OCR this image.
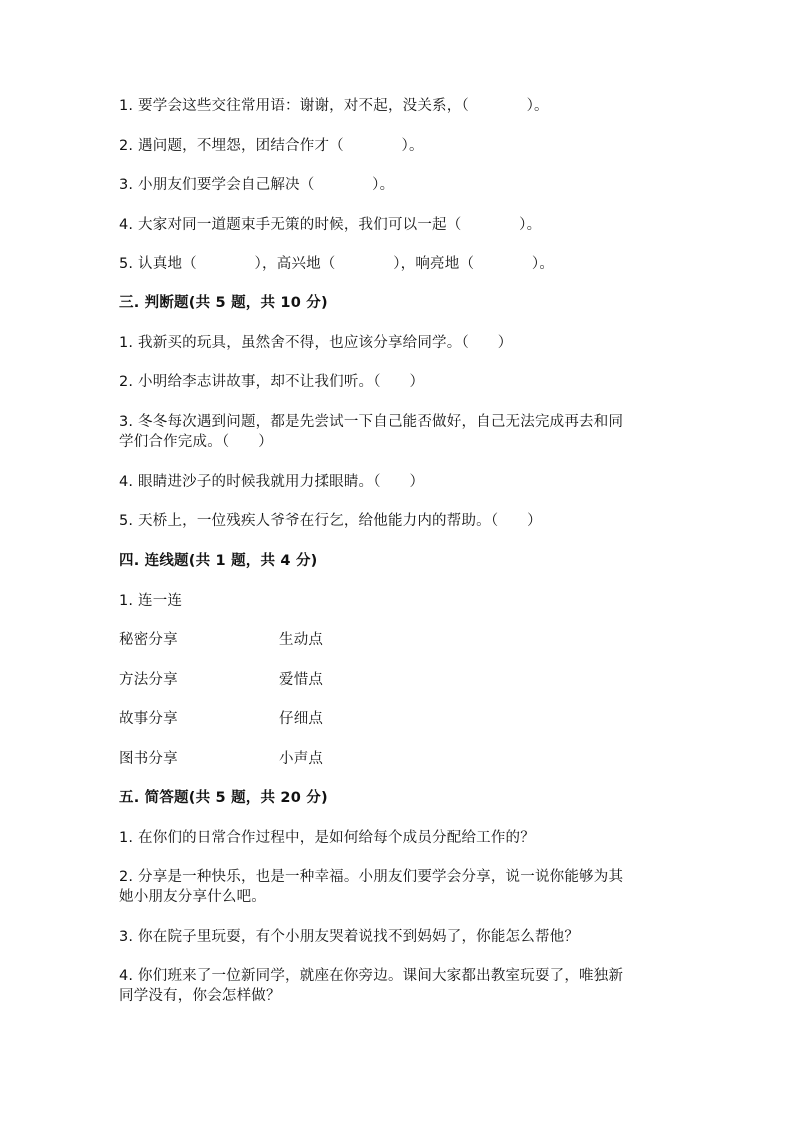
1. 要学会这些交往常用语：谢谢，对不起，没关系，（            ）。
2. 遇问题，不埋怨，团结合作才（            ）。
3. 小朋友们要学会自己解决（            ）。
4. 大家对同一道题束手无策的时候，我们可以一起（            ）。
5. 认真地（            ），高兴地（            ），响亮地（            ）。
三. 判断题(共 5 题，共 10 分)
1. 我新买的玩具，虽然舍不得，也应该分享给同学。（      ）
2. 小明给李志讲故事，却不让我们听。（      ）
3. 冬冬每次遇到问题，都是先尝试一下自己能否做好，自己无法完成再去和同
学们合作完成。（      ）
4. 眼睛进沙子的时候我就用力揉眼睛。（      ）
5. 天桥上，一位残疾人爷爷在行乞，给他能力内的帮助。（      ）
四. 连线题(共 1 题，共 4 分)
1. 连一连
秘密分享	生动点
方法分享	爱惜点
故事分享	仔细点
图书分享	小声点
五. 简答题(共 5 题，共 20 分)
1. 在你们的日常合作过程中，是如何给每个成员分配给工作的？
2. 分享是一种快乐，也是一种幸福。小朋友们要学会分享，说一说你能够为其
她小朋友分享什么吧。
3. 你在院子里玩耍，有个小朋友哭着说找不到妈妈了，你能怎么帮他？
4. 你们班来了一位新同学，就座在你旁边。课间大家都出教室玩耍了，唯独新
同学没有，你会怎样做？
